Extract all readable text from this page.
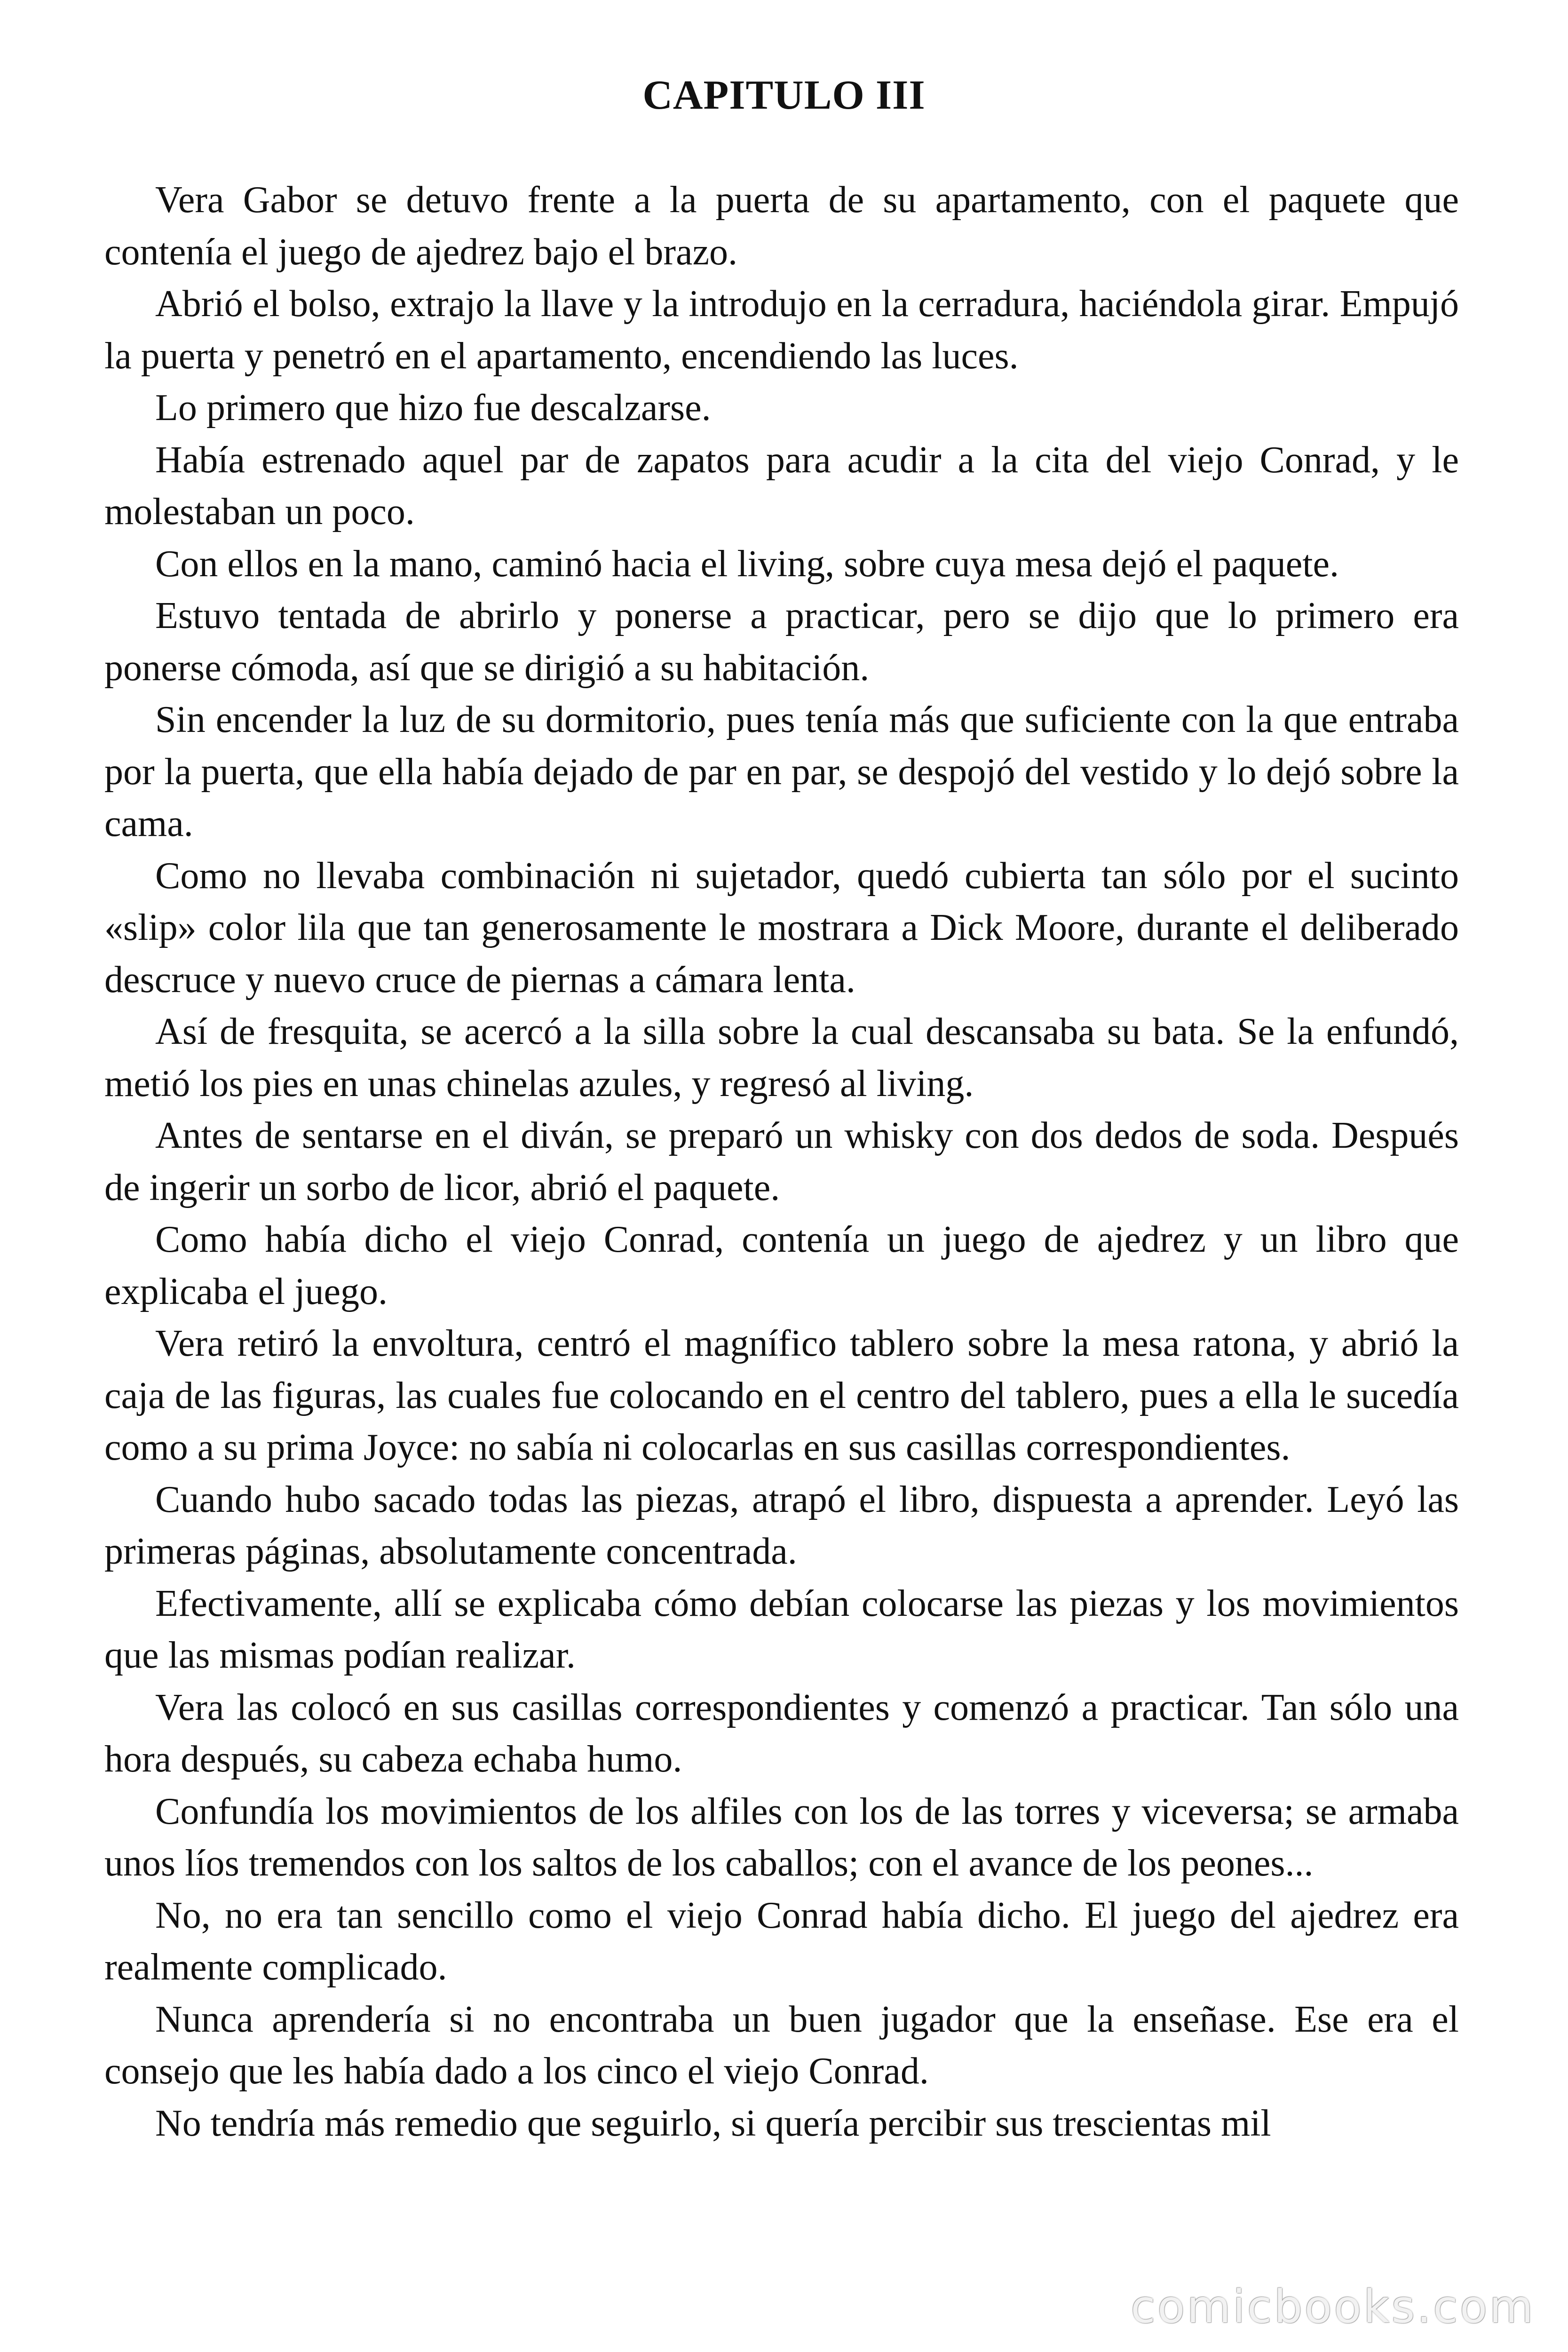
CAPITULO III

Vera Gabor se detuvo frente a la puerta de su apartamento, con el paquete que contenía el juego de ajedrez bajo el brazo.

Abrió el bolso, extrajo la llave y la introdujo en la cerradura, haciéndola girar. Empujó la puerta y penetró en el apartamento, encendiendo las luces.

Lo primero que hizo fue descalzarse.

Había estrenado aquel par de zapatos para acudir a la cita del viejo Conrad, y le molestaban un poco.

Con ellos en la mano, caminó hacia el living, sobre cuya mesa dejó el paquete.

Estuvo tentada de abrirlo y ponerse a practicar, pero se dijo que lo primero era ponerse cómoda, así que se dirigió a su habitación.

Sin encender la luz de su dormitorio, pues tenía más que suficiente con la que entraba por la puerta, que ella había dejado de par en par, se despojó del vestido y lo dejó sobre la cama.

Como no llevaba combinación ni sujetador, quedó cubierta tan sólo por el sucinto «slip» color lila que tan generosamente le mostrara a Dick Moore, durante el deliberado descruce y nuevo cruce de piernas a cámara lenta.

Así de fresquita, se acercó a la silla sobre la cual descansaba su bata. Se la enfundó, metió los pies en unas chinelas azules, y regresó al living.

Antes de sentarse en el diván, se preparó un whisky con dos dedos de soda. Después de ingerir un sorbo de licor, abrió el paquete.

Como había dicho el viejo Conrad, contenía un juego de ajedrez y un libro que explicaba el juego.

Vera retiró la envoltura, centró el magnífico tablero sobre la mesa ratona, y abrió la caja de las figuras, las cuales fue colocando en el centro del tablero, pues a ella le sucedía como a su prima Joyce: no sabía ni colocarlas en sus casillas correspondientes.

Cuando hubo sacado todas las piezas, atrapó el libro, dispuesta a aprender. Leyó las primeras páginas, absolutamente concentrada.

Efectivamente, allí se explicaba cómo debían colocarse las piezas y los movimientos que las mismas podían realizar.

Vera las colocó en sus casillas correspondientes y comenzó a practicar. Tan sólo una hora después, su cabeza echaba humo.

Confundía los movimientos de los alfiles con los de las torres y viceversa; se armaba unos líos tremendos con los saltos de los caballos; con el avance de los peones...

No, no era tan sencillo como el viejo Conrad había dicho. El juego del ajedrez era realmente complicado.

Nunca aprendería si no encontraba un buen jugador que la enseñase. Ese era el consejo que les había dado a los cinco el viejo Conrad.

No tendría más remedio que seguirlo, si quería percibir sus trescientas mil

comicbooks.com
